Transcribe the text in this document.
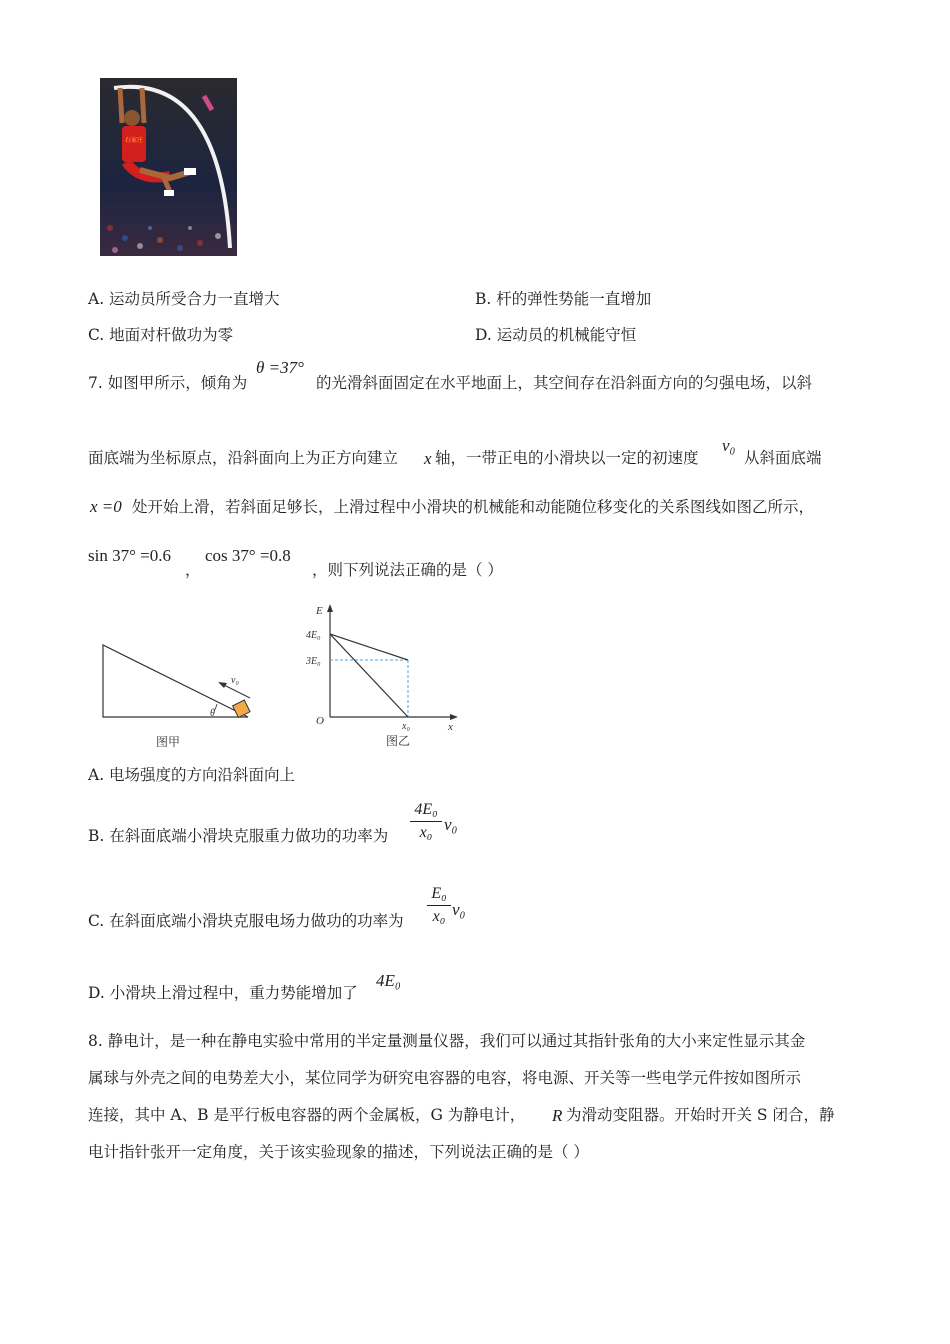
石家庄
A. 运动员所受合力一直增大	B. 杆的弹性势能一直增加
C. 地面对杆做功为零	D. 运动员的机械能守恒
7. 如图甲所示，倾角为
θ =37°
的光滑斜面固定在水平地面上，其空间存在沿斜面方向的匀强电场，以斜
面底端为坐标原点，沿斜面向上为正方向建立 x 轴，一带正电的小滑块以一定的初速度
v₀
从斜面底端
x =0 处开始上滑，若斜面足够长，上滑过程中小滑块的机械能和动能随位移变化的关系图线如图乙所示，
sin 37° =0.6
，
cos 37° =0.8
，则下列说法正确的是（ ）
θ
v₀
图甲
E
x
O
4E₀
3E₀
x₀
图乙
A. 电场强度的方向沿斜面向上
B. 在斜面底端小滑块克服重力做功的功率为
4E₀
x₀ v₀
C. 在斜面底端小滑块克服电场力做功的功率为
E₀
x₀ v₀
D. 小滑块上滑过程中，重力势能增加了
4E₀
8. 静电计，是一种在静电实验中常用的半定量测量仪器，我们可以通过其指针张角的大小来定性显示其金
属球与外壳之间的电势差大小，某位同学为研究电容器的电容，将电源、开关等一些电学元件按如图所示
连接，其中 A、B 是平行板电容器的两个金属板，G 为静电计， R 为滑动变阻器。开始时开关 S 闭合，静
电计指针张开一定角度，关于该实验现象的描述，下列说法正确的是（ ）
